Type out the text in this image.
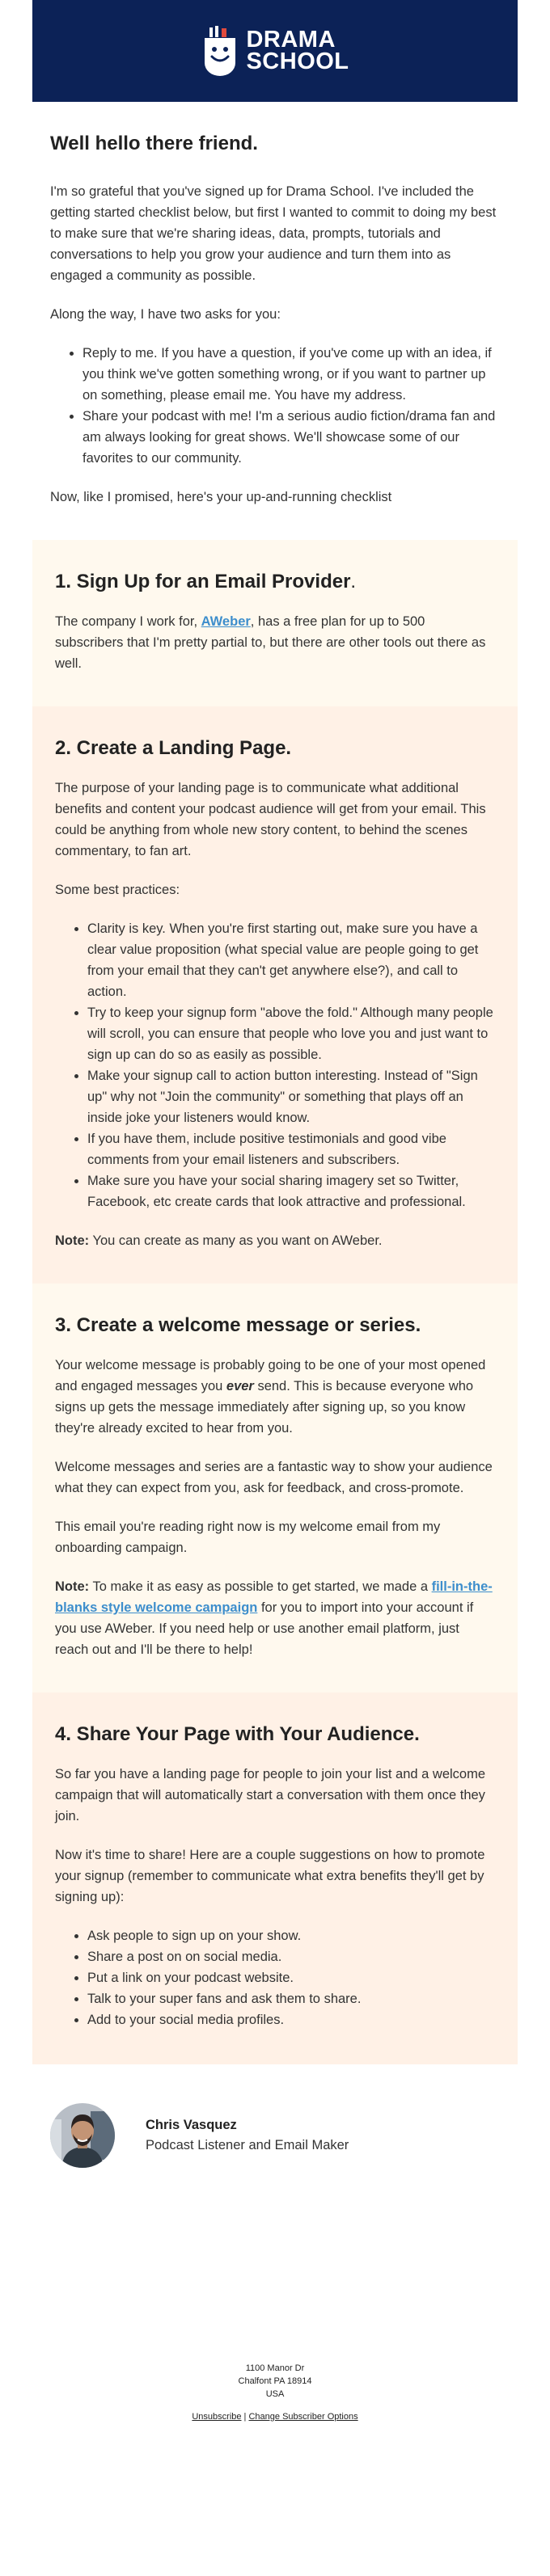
DRAMA
SCHOOL
Well hello there friend.

I'm so grateful that you've signed up for Drama School. I've included the getting started checklist below, but first I wanted to commit to doing my best to make sure that we're sharing ideas, data, prompts, tutorials and conversations to help you grow your audience and turn them into as engaged a community as possible.

Along the way, I have two asks for you:

• Reply to me. If you have a question, if you've come up with an idea, if you think we've gotten something wrong, or if you want to partner up on something, please email me. You have my address.
• Share your podcast with me! I'm a serious audio fiction/drama fan and am always looking for great shows. We'll showcase some of our favorites to our community.

Now, like I promised, here's your up-and-running checklist

1. Sign Up for an Email Provider.

The company I work for, AWeber, has a free plan for up to 500 subscribers that I'm pretty partial to, but there are other tools out there as well.

2. Create a Landing Page.

The purpose of your landing page is to communicate what additional benefits and content your podcast audience will get from your email. This could be anything from whole new story content, to behind the scenes commentary, to fan art.

Some best practices:

• Clarity is key. When you're first starting out, make sure you have a clear value proposition (what special value are people going to get from your email that they can't get anywhere else?), and call to action.
• Try to keep your signup form "above the fold." Although many people will scroll, you can ensure that people who love you and just want to sign up can do so as easily as possible.
• Make your signup call to action button interesting. Instead of "Sign up" why not "Join the community" or something that plays off an inside joke your listeners would know.
• If you have them, include positive testimonials and good vibe comments from your email listeners and subscribers.
• Make sure you have your social sharing imagery set so Twitter, Facebook, etc create cards that look attractive and professional.

Note: You can create as many as you want on AWeber.

3. Create a welcome message or series.

Your welcome message is probably going to be one of your most opened and engaged messages you ever send. This is because everyone who signs up gets the message immediately after signing up, so you know they're already excited to hear from you.

Welcome messages and series are a fantastic way to show your audience what they can expect from you, ask for feedback, and cross-promote.

This email you're reading right now is my welcome email from my onboarding campaign.

Note: To make it as easy as possible to get started, we made a fill-in-the-blanks style welcome campaign for you to import into your account if you use AWeber. If you need help or use another email platform, just reach out and I'll be there to help!

4. Share Your Page with Your Audience.

So far you have a landing page for people to join your list and a welcome campaign that will automatically start a conversation with them once they join.

Now it's time to share! Here are a couple suggestions on how to promote your signup (remember to communicate what extra benefits they'll get by signing up):

• Ask people to sign up on your show.
• Share a post on on social media.
• Put a link on your podcast website.
• Talk to your super fans and ask them to share.
• Add to your social media profiles.
Chris Vasquez
Podcast Listener and Email Maker
1100 Manor Dr
Chalfont PA 18914
USA
Unsubscribe | Change Subscriber Options
